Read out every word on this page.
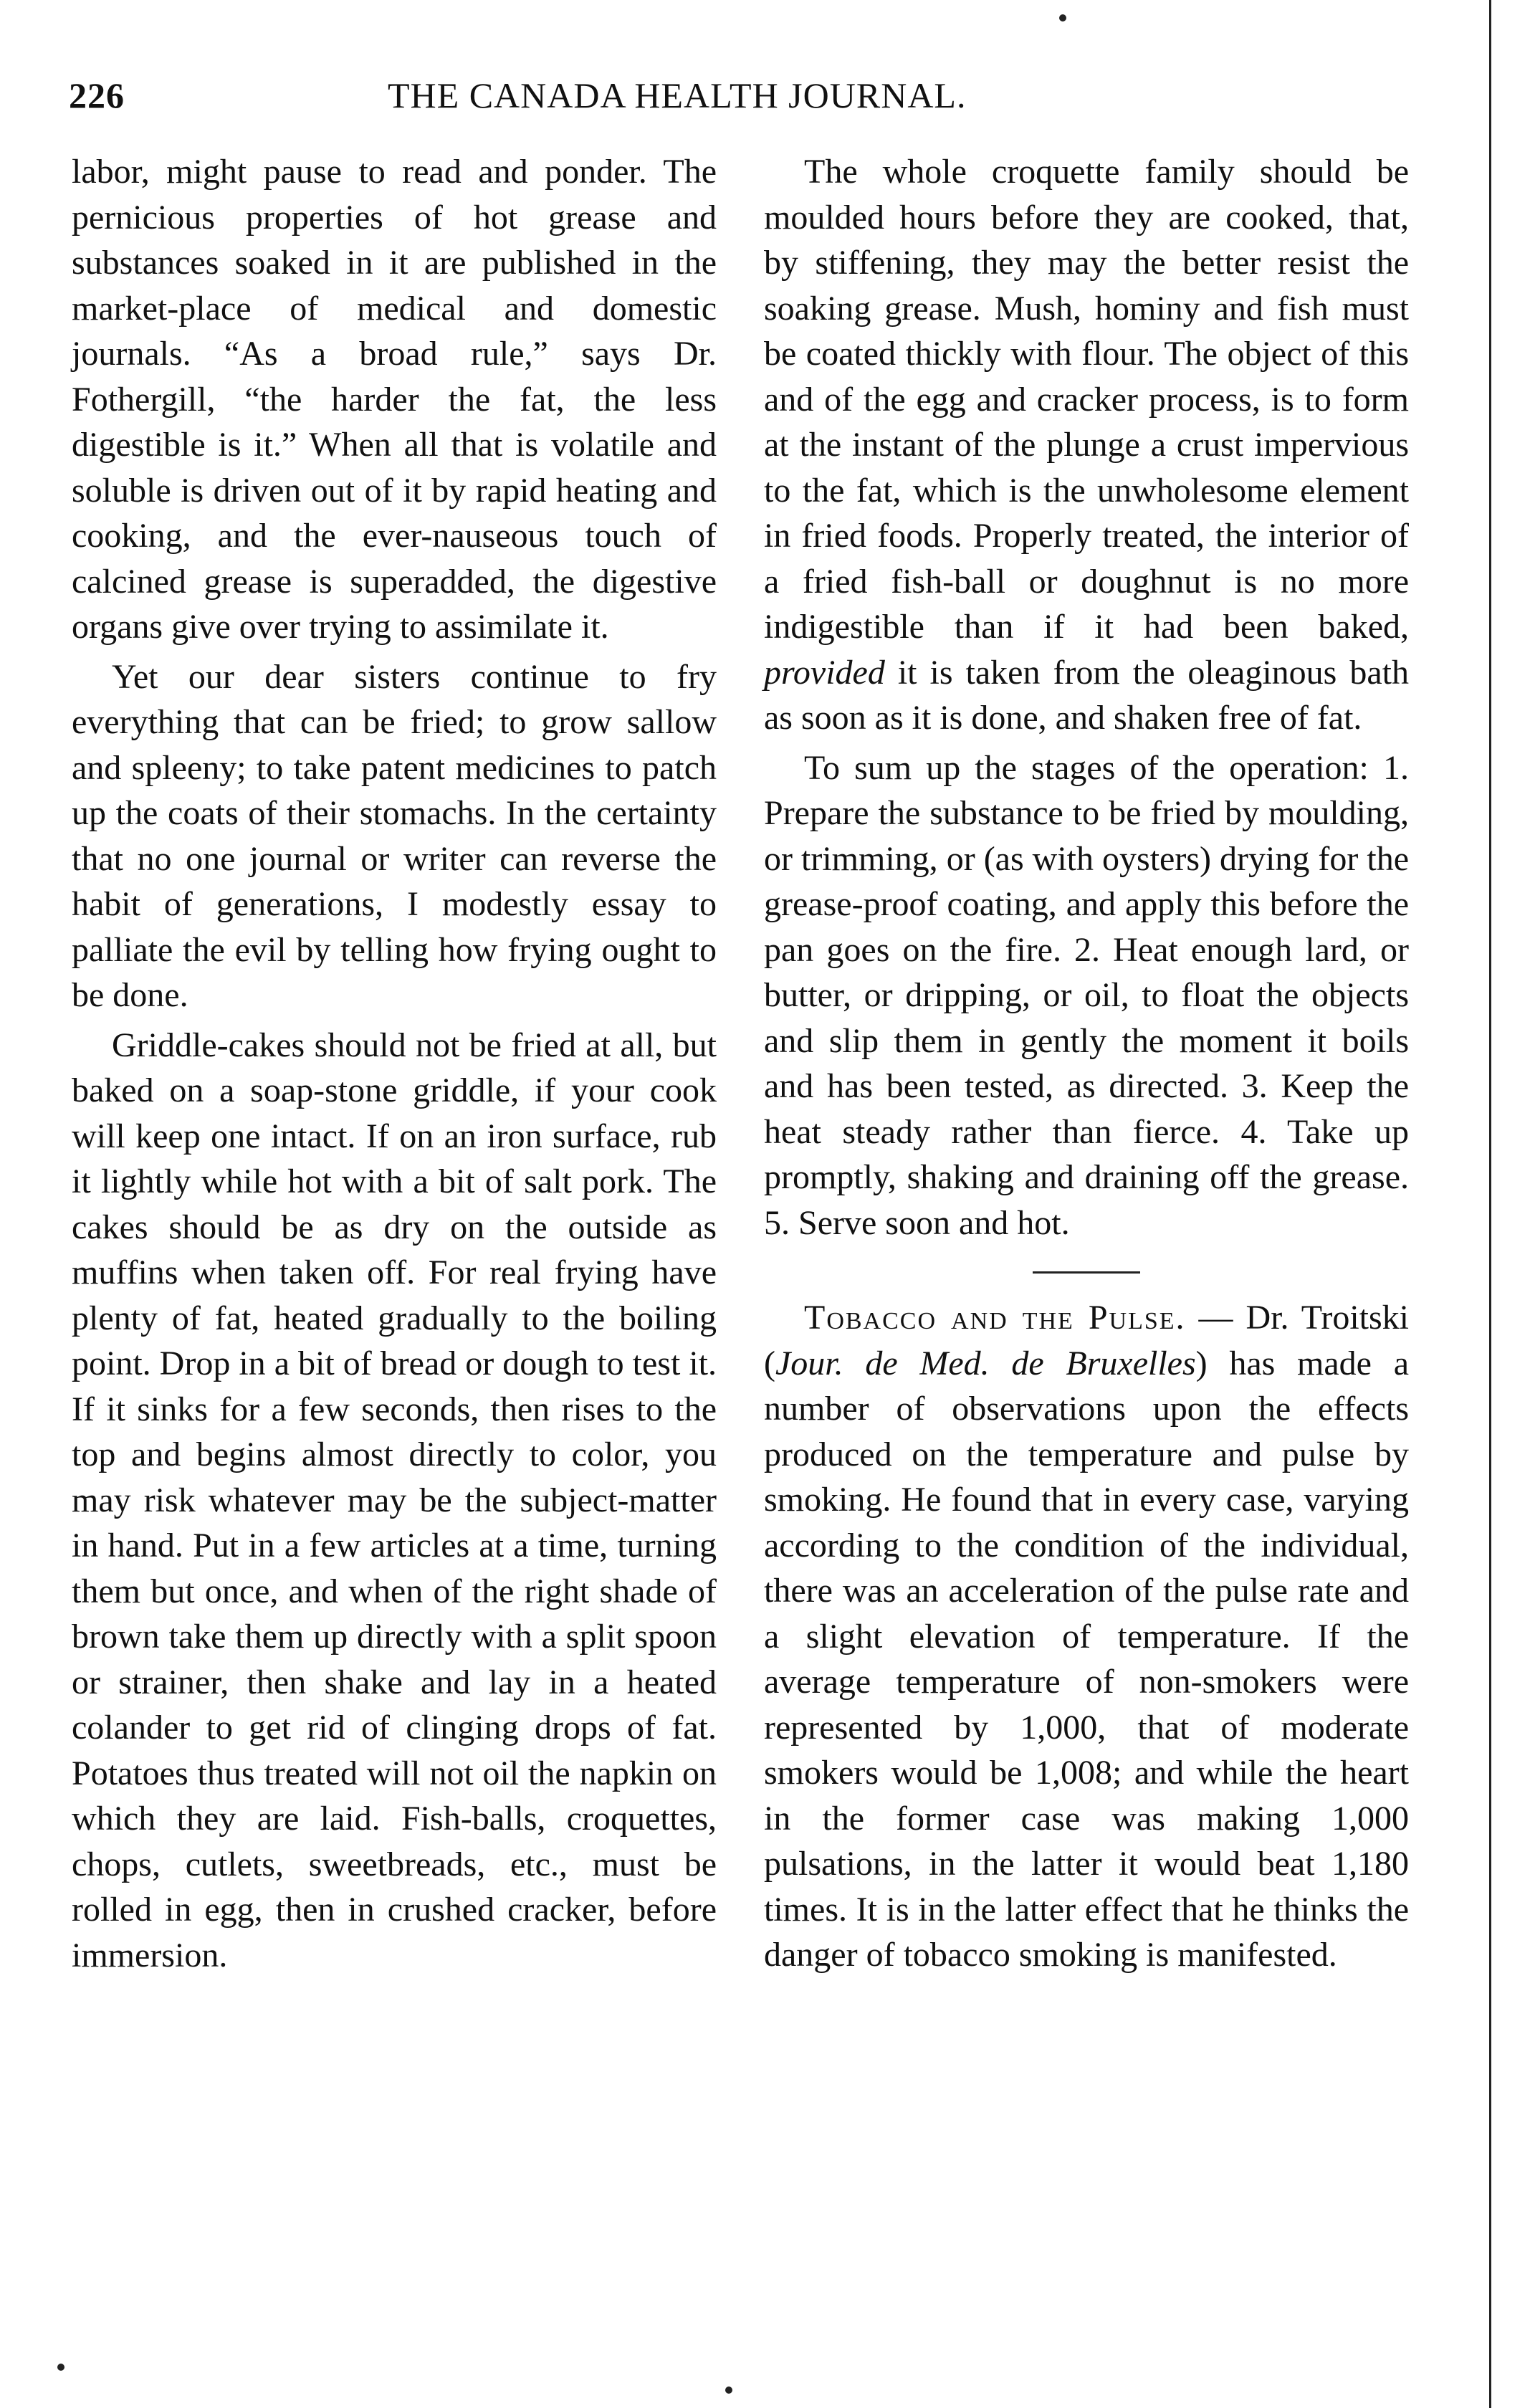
226	THE CANADA HEALTH JOURNAL.

labor, might pause to read and ponder. The pernicious properties of hot grease and substances soaked in it are published in the market-place of medical and domestic journals. “As a broad rule,” says Dr. Fothergill, “the harder the fat, the less digestible is it.” When all that is volatile and soluble is driven out of it by rapid heating and cooking, and the ever-nauseous touch of calcined grease is superadded, the digestive organs give over trying to assimilate it.

Yet our dear sisters continue to fry everything that can be fried; to grow sallow and spleeny; to take patent medicines to patch up the coats of their stomachs. In the certainty that no one journal or writer can reverse the habit of generations, I modestly essay to palliate the evil by telling how frying ought to be done.

Griddle-cakes should not be fried at all, but baked on a soap-stone griddle, if your cook will keep one intact. If on an iron surface, rub it lightly while hot with a bit of salt pork. The cakes should be as dry on the outside as muffins when taken off. For real frying have plenty of fat, heated gradually to the boiling point. Drop in a bit of bread or dough to test it. If it sinks for a few seconds, then rises to the top and begins almost directly to color, you may risk whatever may be the subject-matter in hand. Put in a few articles at a time, turning them but once, and when of the right shade of brown take them up directly with a split spoon or strainer, then shake and lay in a heated colander to get rid of clinging drops of fat. Potatoes thus treated will not oil the napkin on which they are laid. Fish-balls, croquettes, chops, cutlets, sweetbreads, etc., must be rolled in egg, then in crushed cracker, before immersion.

The whole croquette family should be moulded hours before they are cooked, that, by stiffening, they may the better resist the soaking grease. Mush, hominy and fish must be coated thickly with flour. The object of this and of the egg and cracker process, is to form at the instant of the plunge a crust impervious to the fat, which is the unwholesome element in fried foods. Properly treated, the interior of a fried fish-ball or doughnut is no more indigestible than if it had been baked, provided it is taken from the oleaginous bath as soon as it is done, and shaken free of fat.

To sum up the stages of the operation: 1. Prepare the substance to be fried by moulding, or trimming, or (as with oysters) drying for the grease-proof coating, and apply this before the pan goes on the fire. 2. Heat enough lard, or butter, or dripping, or oil, to float the objects and slip them in gently the moment it boils and has been tested, as directed. 3. Keep the heat steady rather than fierce. 4. Take up promptly, shaking and draining off the grease. 5. Serve soon and hot.

Tobacco and the Pulse. — Dr. Troitski (Jour. de Med. de Bruxelles) has made a number of observations upon the effects produced on the temperature and pulse by smoking. He found that in every case, varying according to the condition of the individual, there was an acceleration of the pulse rate and a slight elevation of temperature. If the average temperature of non-smokers were represented by 1,000, that of moderate smokers would be 1,008; and while the heart in the former case was making 1,000 pulsations, in the latter it would beat 1,180 times. It is in the latter effect that he thinks the danger of tobacco smoking is manifested.
